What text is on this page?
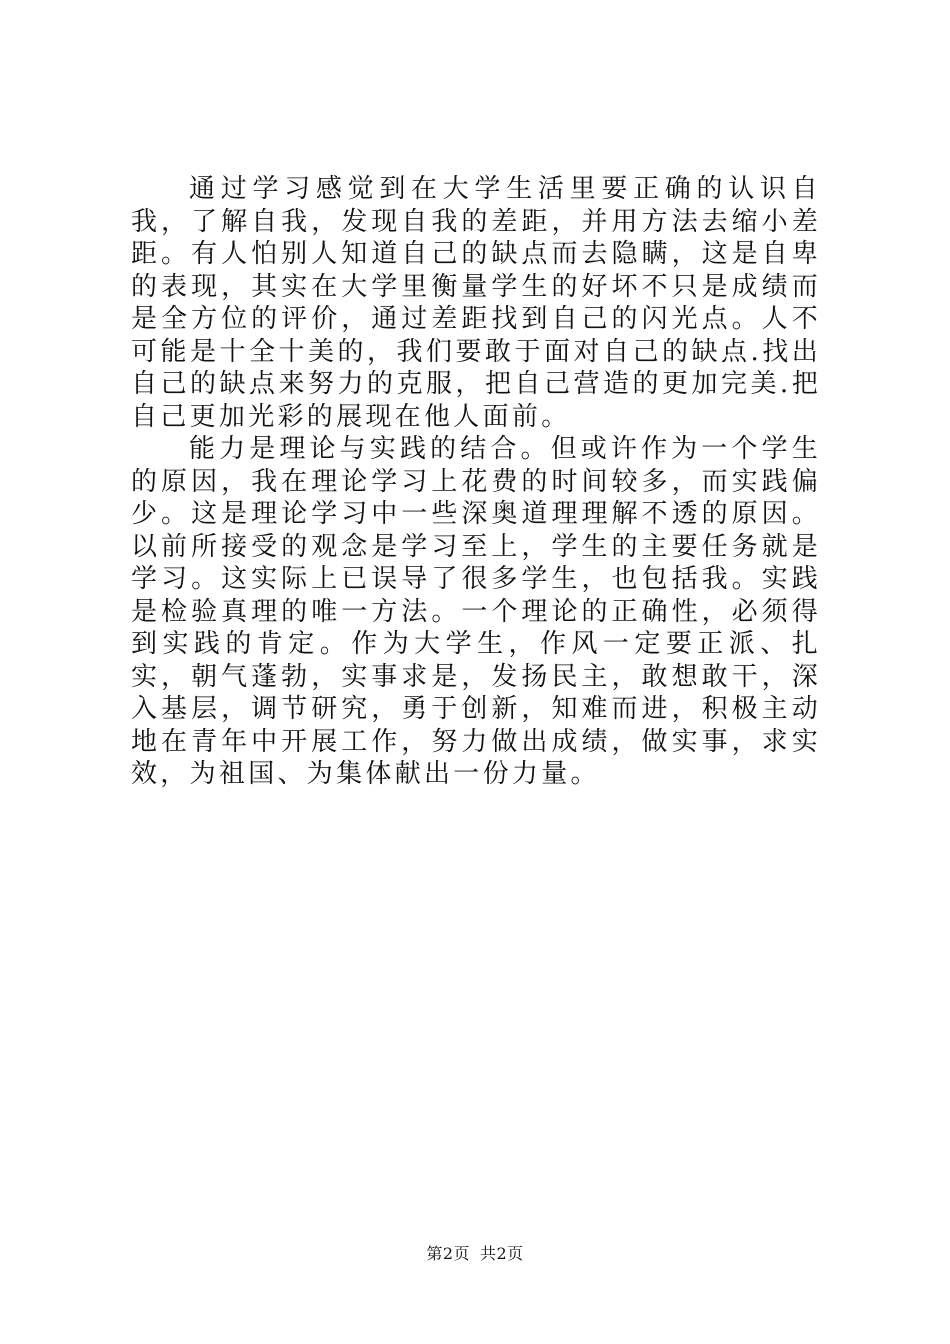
通过学习感觉到在大学生活里要正确的认识自我，了解自我，发现自我的差距，并用方法去缩小差距。有人怕别人知道自己的缺点而去隐瞒，这是自卑的表现，其实在大学里衡量学生的好坏不只是成绩而是全方位的评价，通过差距找到自己的闪光点。人不可能是十全十美的，我们要敢于面对自己的缺点.找出自己的缺点来努力的克服，把自己营造的更加完美.把自己更加光彩的展现在他人面前。

能力是理论与实践的结合。但或许作为一个学生的原因，我在理论学习上花费的时间较多，而实践偏少。这是理论学习中一些深奥道理理解不透的原因。以前所接受的观念是学习至上，学生的主要任务就是学习。这实际上已误导了很多学生，也包括我。实践是检验真理的唯一方法。一个理论的正确性，必须得到实践的肯定。作为大学生，作风一定要正派、扎实，朝气蓬勃，实事求是，发扬民主，敢想敢干，深入基层，调节研究，勇于创新，知难而进，积极主动地在青年中开展工作，努力做出成绩，做实事，求实效，为祖国、为集体献出一份力量。

第2页 共2页
